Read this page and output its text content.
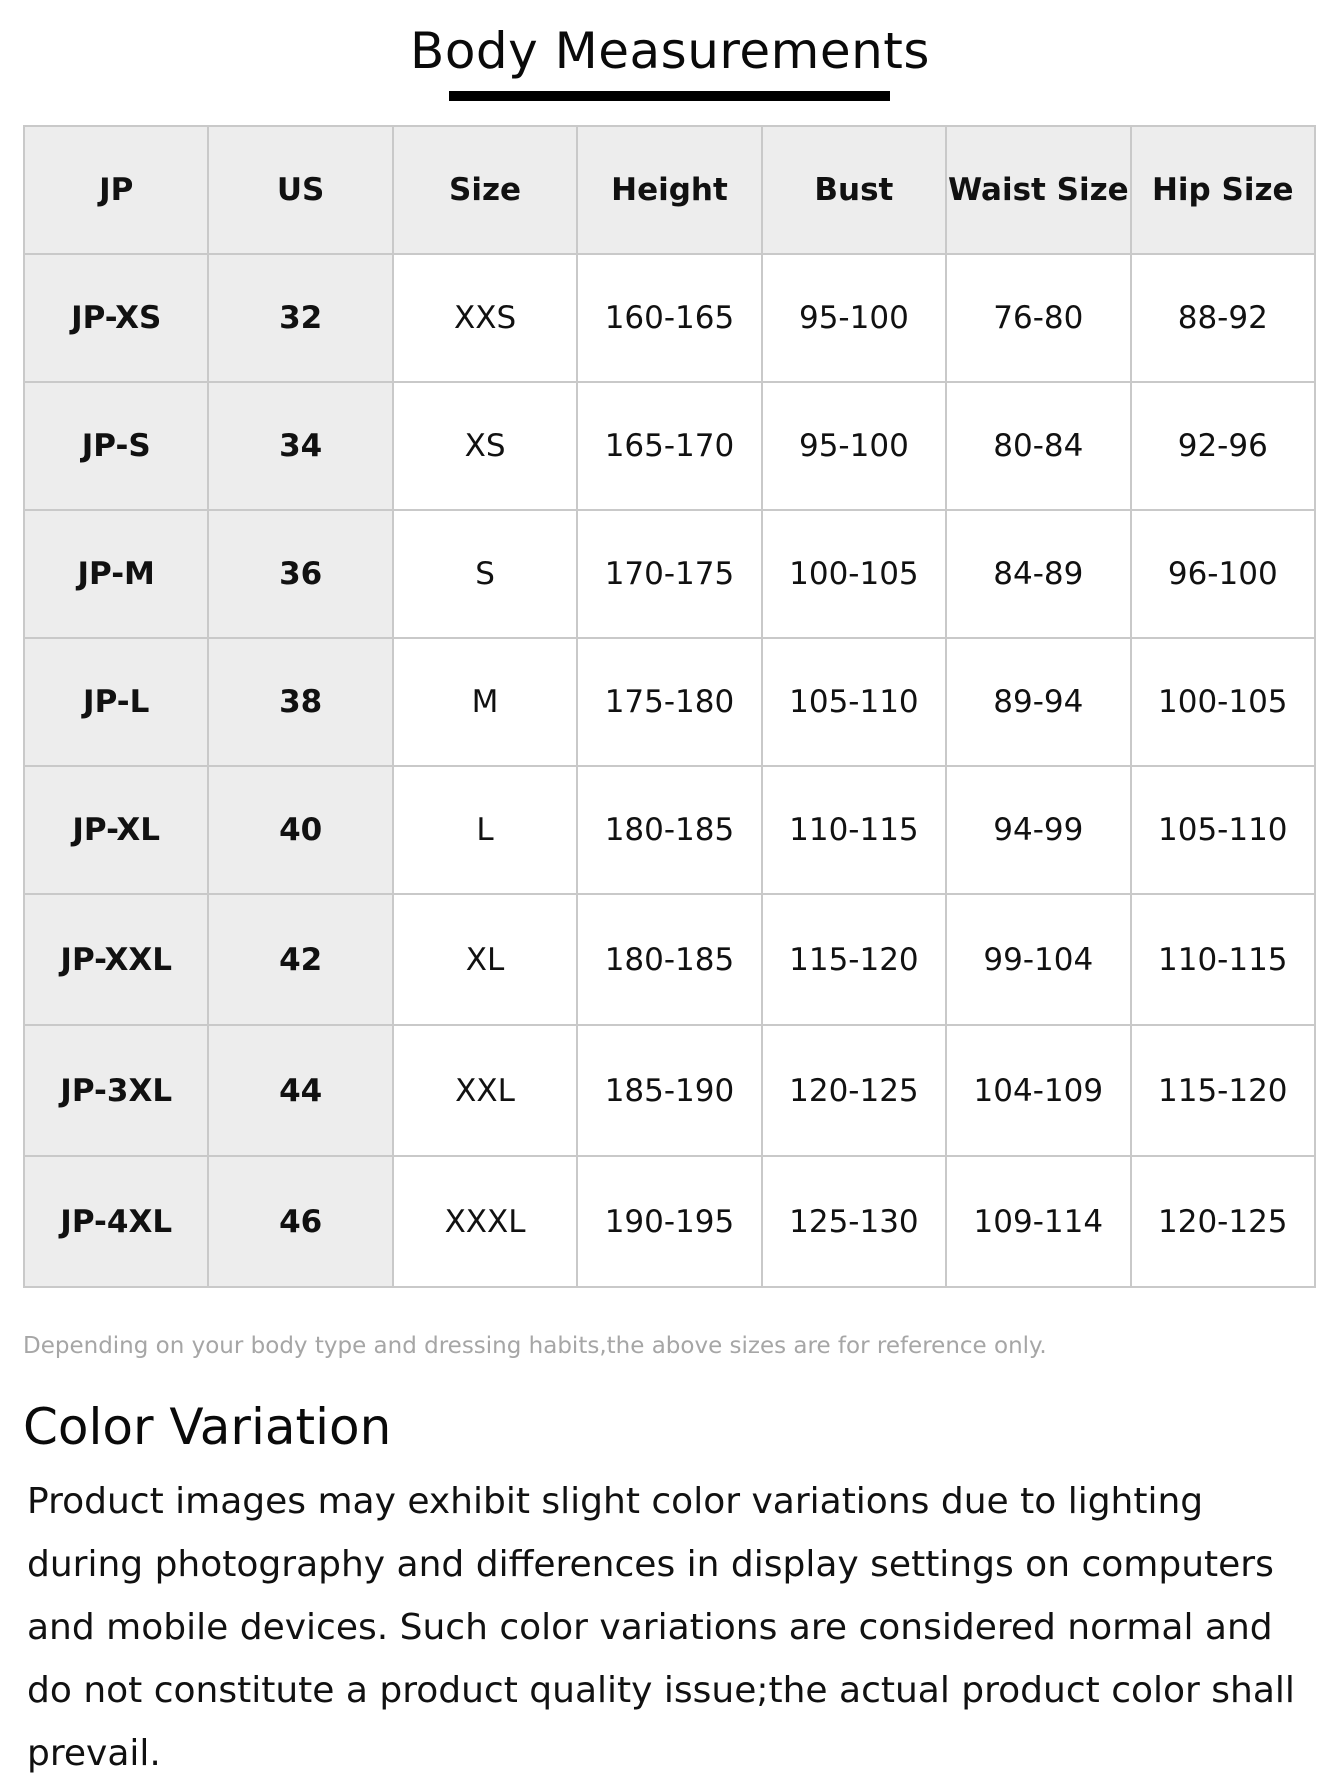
Body Measurements
JP	US	Size	Height	Bust	Waist Size	Hip Size
JP-XS	32	XXS	160-165	95-100	76-80	88-92
JP-S	34	XS	165-170	95-100	80-84	92-96
JP-M	36	S	170-175	100-105	84-89	96-100
JP-L	38	M	175-180	105-110	89-94	100-105
JP-XL	40	L	180-185	110-115	94-99	105-110
JP-XXL	42	XL	180-185	115-120	99-104	110-115
JP-3XL	44	XXL	185-190	120-125	104-109	115-120
JP-4XL	46	XXXL	190-195	125-130	109-114	120-125

Depending on your body type and dressing habits,the above sizes are for reference only.

Color Variation

Product images may exhibit slight color variations due to lighting during photography and differences in display settings on computers and mobile devices. Such color variations are considered normal and do not constitute a product quality issue;the actual product color shall prevail.
